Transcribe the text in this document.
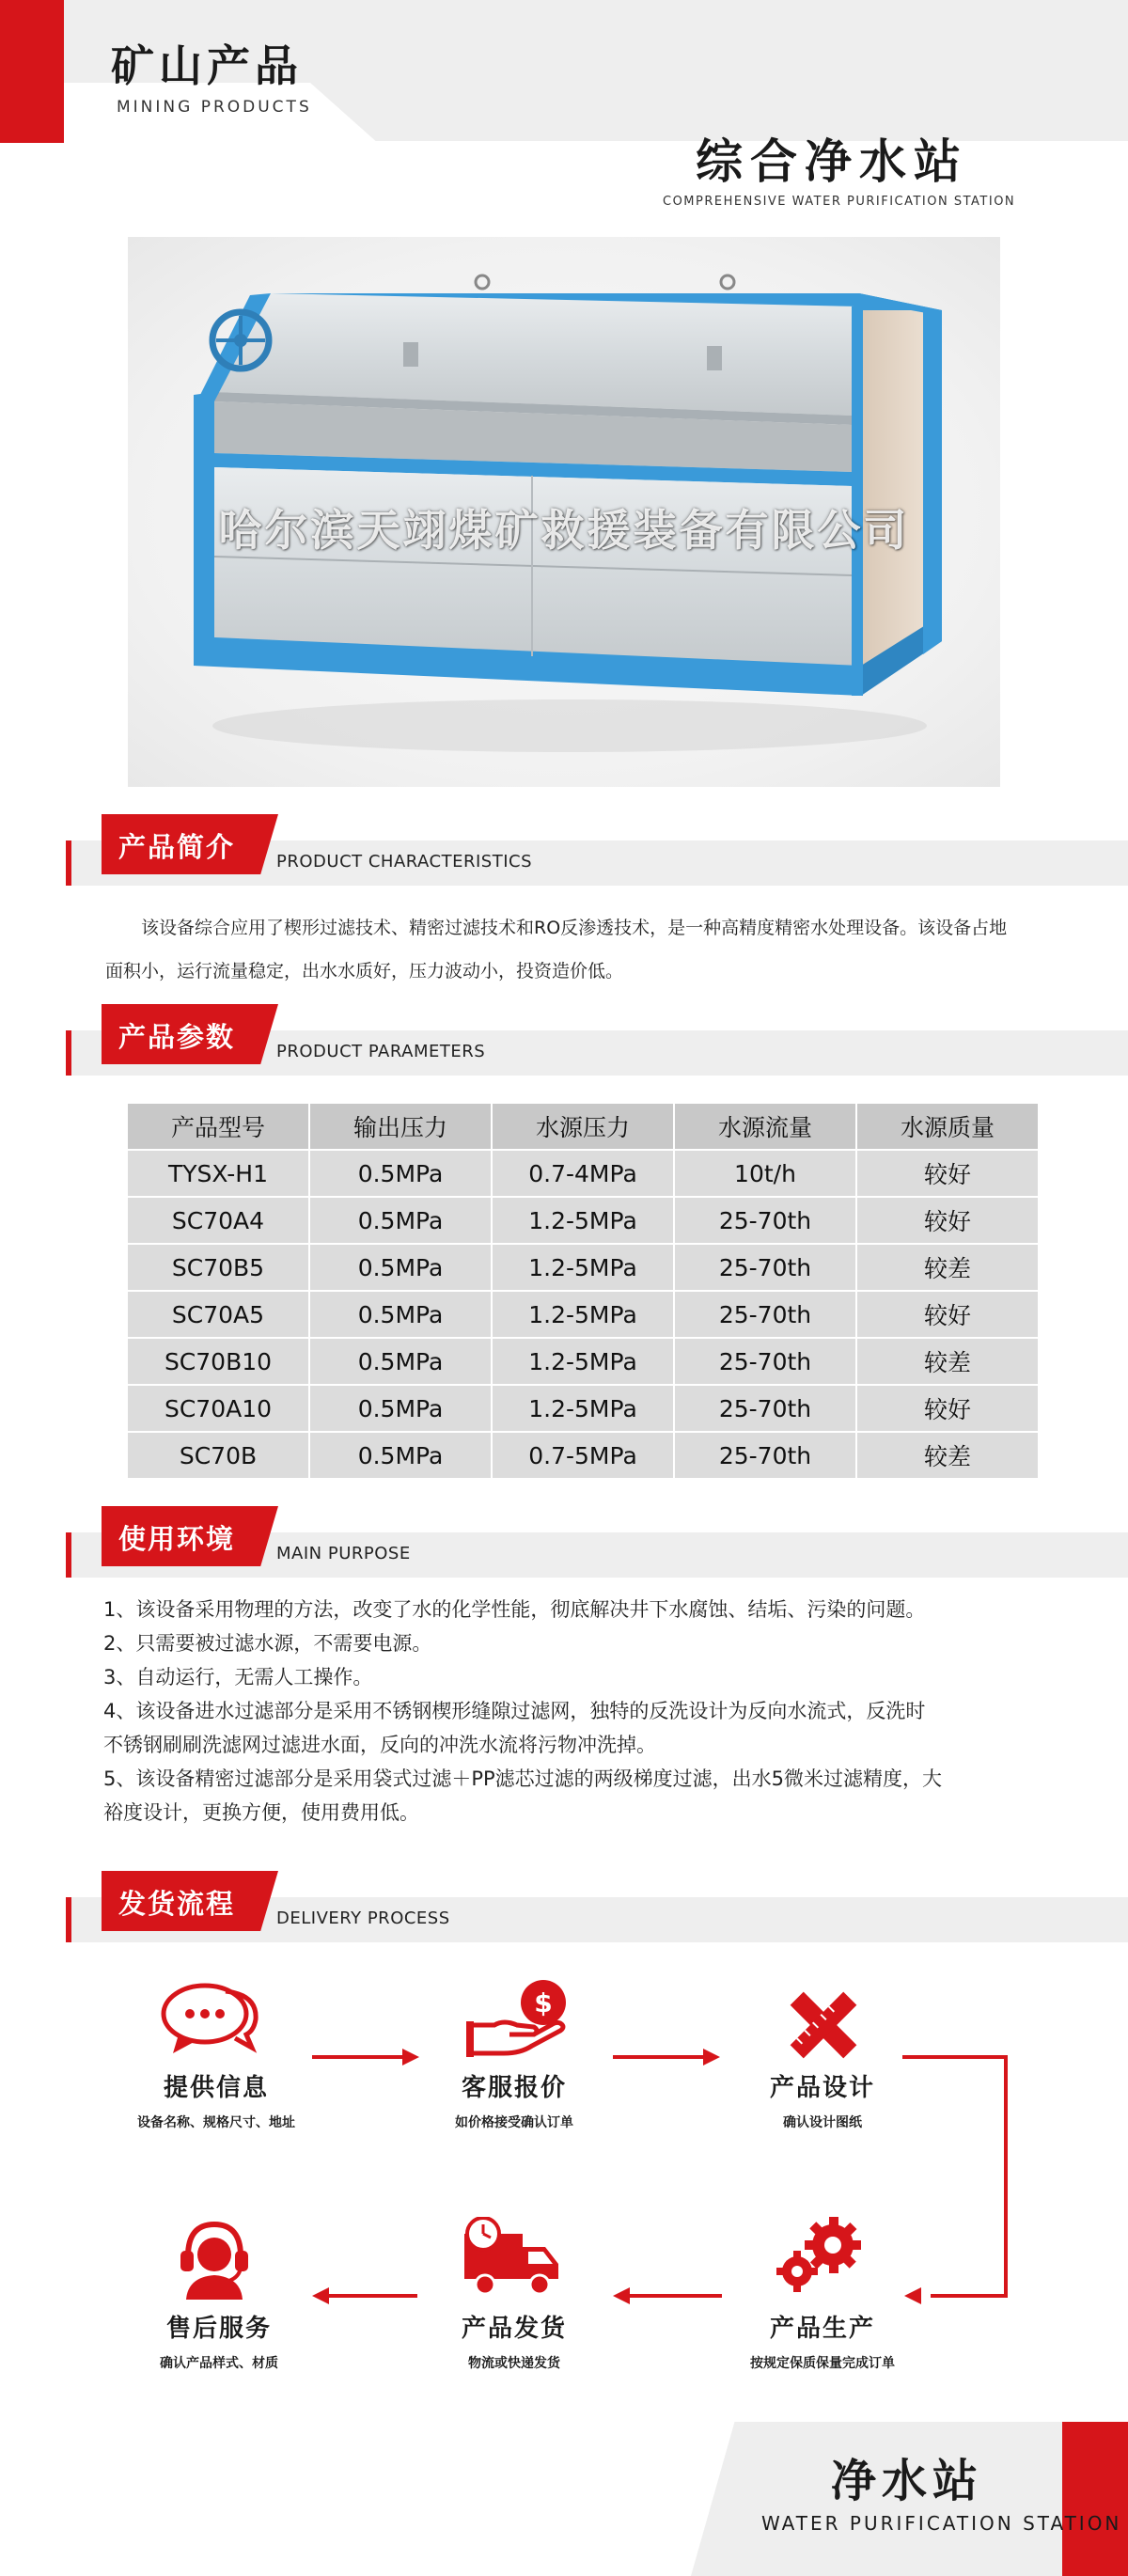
矿山产品
MINING PRODUCTS
综合净水站
COMPREHENSIVE WATER PURIFICATION STATION
哈尔滨天翊煤矿救援装备有限公司
产品简介 PRODUCT CHARACTERISTICS

该设备综合应用了楔形过滤技术、精密过滤技术和RO反渗透技术，是一种高精度精密水处理设备。该设备占地

面积小，运行流量稳定，出水水质好，压力波动小，投资造价低。

产品参数 PRODUCT PARAMETERS
产品型号	输出压力	水源压力	水源流量	水源质量
TYSX-H1	0.5MPa	0.7-4MPa	10t/h	较好
SC70A4	0.5MPa	1.2-5MPa	25-70th	较好
SC70B5	0.5MPa	1.2-5MPa	25-70th	较差
SC70A5	0.5MPa	1.2-5MPa	25-70th	较好
SC70B10	0.5MPa	1.2-5MPa	25-70th	较差
SC70A10	0.5MPa	1.2-5MPa	25-70th	较好
SC70B	0.5MPa	0.7-5MPa	25-70th	较差
使用环境 MAIN PURPOSE

1、该设备采用物理的方法，改变了水的化学性能，彻底解决井下水腐蚀、结垢、污染的问题。

2、只需要被过滤水源，不需要电源。

3、自动运行，无需人工操作。

4、该设备进水过滤部分是采用不锈钢楔形缝隙过滤网，独特的反洗设计为反向水流式，反洗时

不锈钢刷刷洗滤网过滤进水面，反向的冲洗水流将污物冲洗掉。

5、该设备精密过滤部分是采用袋式过滤＋PP滤芯过滤的两级梯度过滤，出水5微米过滤精度，大

裕度设计，更换方便，使用费用低。

发货流程 DELIVERY PROCESS
提供信息
设备名称、规格尺寸、地址
$
客服报价
如价格接受确认订单
产品设计
确认设计图纸
产品生产
按规定保质保量完成订单
产品发货
物流或快递发货
售后服务
确认产品样式、材质
净水站
WATER PURIFICATION STATION
